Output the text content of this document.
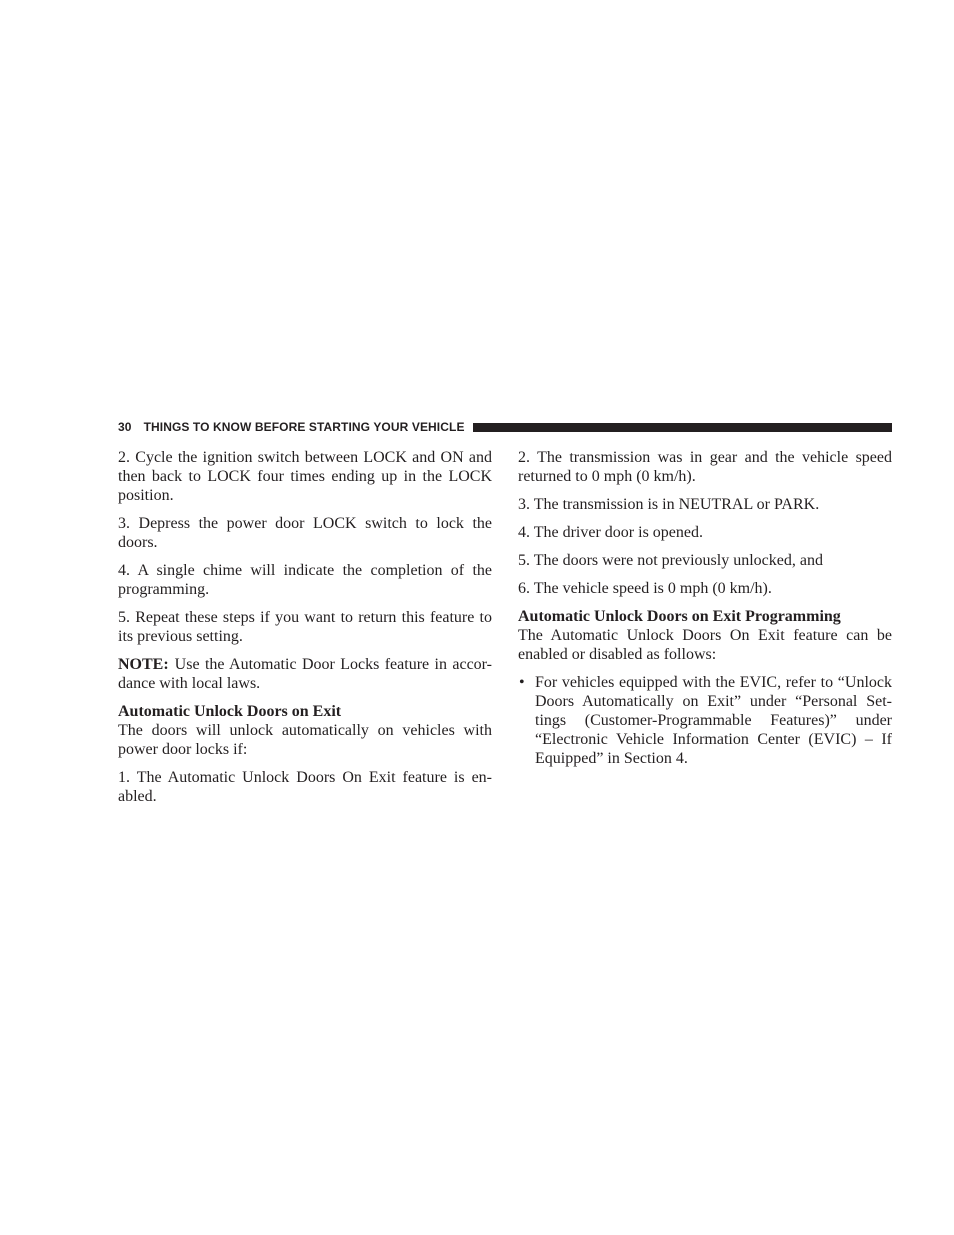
30 THINGS TO KNOW BEFORE STARTING YOUR VEHICLE

2. Cycle the ignition switch between LOCK and ON and then back to LOCK four times ending up in the LOCK position.

3. Depress the power door LOCK switch to lock the doors.

4. A single chime will indicate the completion of the programming.

5. Repeat these steps if you want to return this feature to its previous setting.

NOTE: Use the Automatic Door Locks feature in accor-dance with local laws.

Automatic Unlock Doors on Exit

The doors will unlock automatically on vehicles with power door locks if:

1. The Automatic Unlock Doors On Exit feature is en-abled.

2. The transmission was in gear and the vehicle speed returned to 0 mph (0 km/h).

3. The transmission is in NEUTRAL or PARK.

4. The driver door is opened.

5. The doors were not previously unlocked, and

6. The vehicle speed is 0 mph (0 km/h).

Automatic Unlock Doors on Exit Programming

The Automatic Unlock Doors On Exit feature can be enabled or disabled as follows:

• For vehicles equipped with the EVIC, refer to “Unlock Doors Automatically on Exit” under “Personal Set-tings (Customer-Programmable Features)” under “Electronic Vehicle Information Center (EVIC) – If Equipped” in Section 4.
